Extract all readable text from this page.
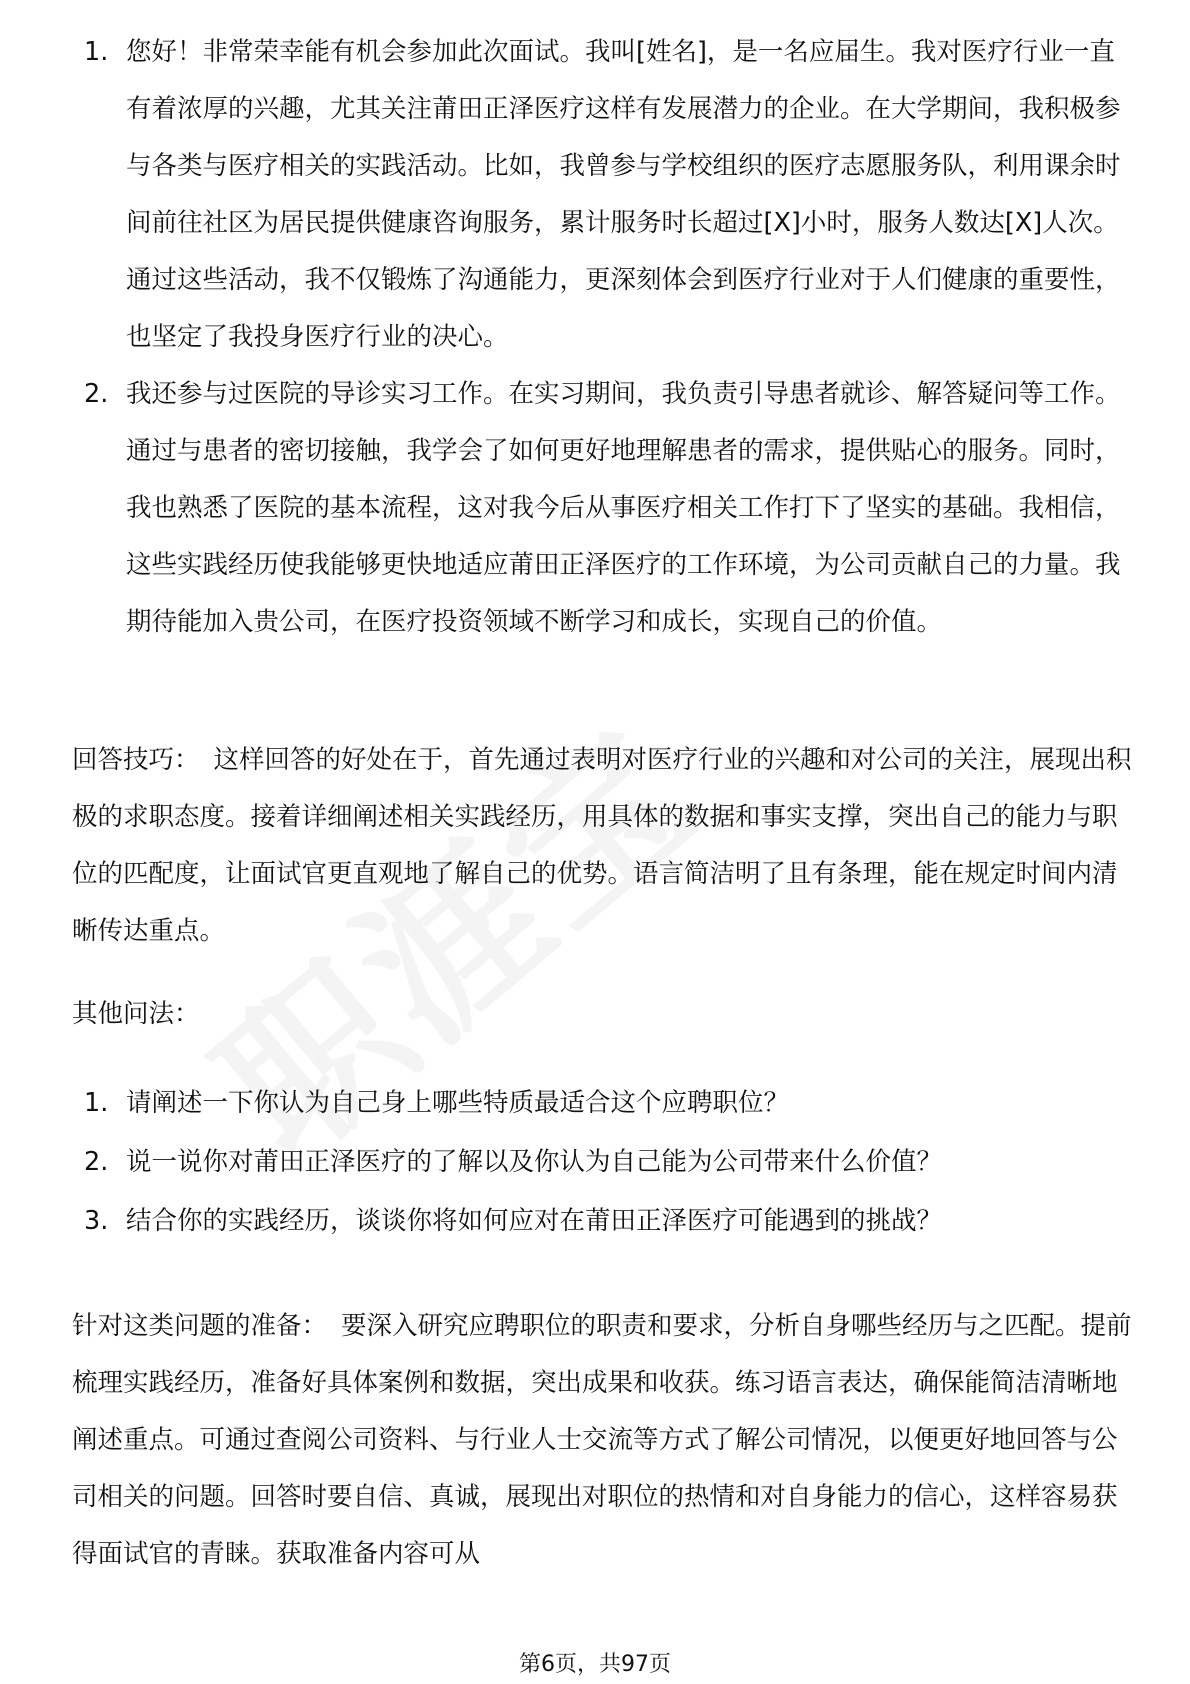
1. 您好！非常荣幸能有机会参加此次面试。我叫[姓名]，是一名应届生。我对医疗行业一直有着浓厚的兴趣，尤其关注莆田正泽医疗这样有发展潜力的企业。在大学期间，我积极参与各类与医疗相关的实践活动。比如，我曾参与学校组织的医疗志愿服务队，利用课余时间前往社区为居民提供健康咨询服务，累计服务时长超过[X]小时，服务人数达[X]人次。通过这些活动，我不仅锻炼了沟通能力，更深刻体会到医疗行业对于人们健康的重要性，也坚定了我投身医疗行业的决心。
2. 我还参与过医院的导诊实习工作。在实习期间，我负责引导患者就诊、解答疑问等工作。通过与患者的密切接触，我学会了如何更好地理解患者的需求，提供贴心的服务。同时，我也熟悉了医院的基本流程，这对我今后从事医疗相关工作打下了坚实的基础。我相信，这些实践经历使我能够更快地适应莆田正泽医疗的工作环境，为公司贡献自己的力量。我期待能加入贵公司，在医疗投资领域不断学习和成长，实现自己的价值。

回答技巧： 这样回答的好处在于，首先通过表明对医疗行业的兴趣和对公司的关注，展现出积极的求职态度。接着详细阐述相关实践经历，用具体的数据和事实支撑，突出自己的能力与职位的匹配度，让面试官更直观地了解自己的优势。语言简洁明了且有条理，能在规定时间内清晰传达重点。

其他问法：

1. 请阐述一下你认为自己身上哪些特质最适合这个应聘职位？
2. 说一说你对莆田正泽医疗的了解以及你认为自己能为公司带来什么价值？
3. 结合你的实践经历，谈谈你将如何应对在莆田正泽医疗可能遇到的挑战？

针对这类问题的准备： 要深入研究应聘职位的职责和要求，分析自身哪些经历与之匹配。提前梳理实践经历，准备好具体案例和数据，突出成果和收获。练习语言表达，确保能简洁清晰地阐述重点。可通过查阅公司资料、与行业人士交流等方式了解公司情况，以便更好地回答与公司相关的问题。回答时要自信、真诚，展现出对职位的热情和对自身能力的信心，这样容易获得面试官的青睐。获取准备内容可从

第6页，共97页
